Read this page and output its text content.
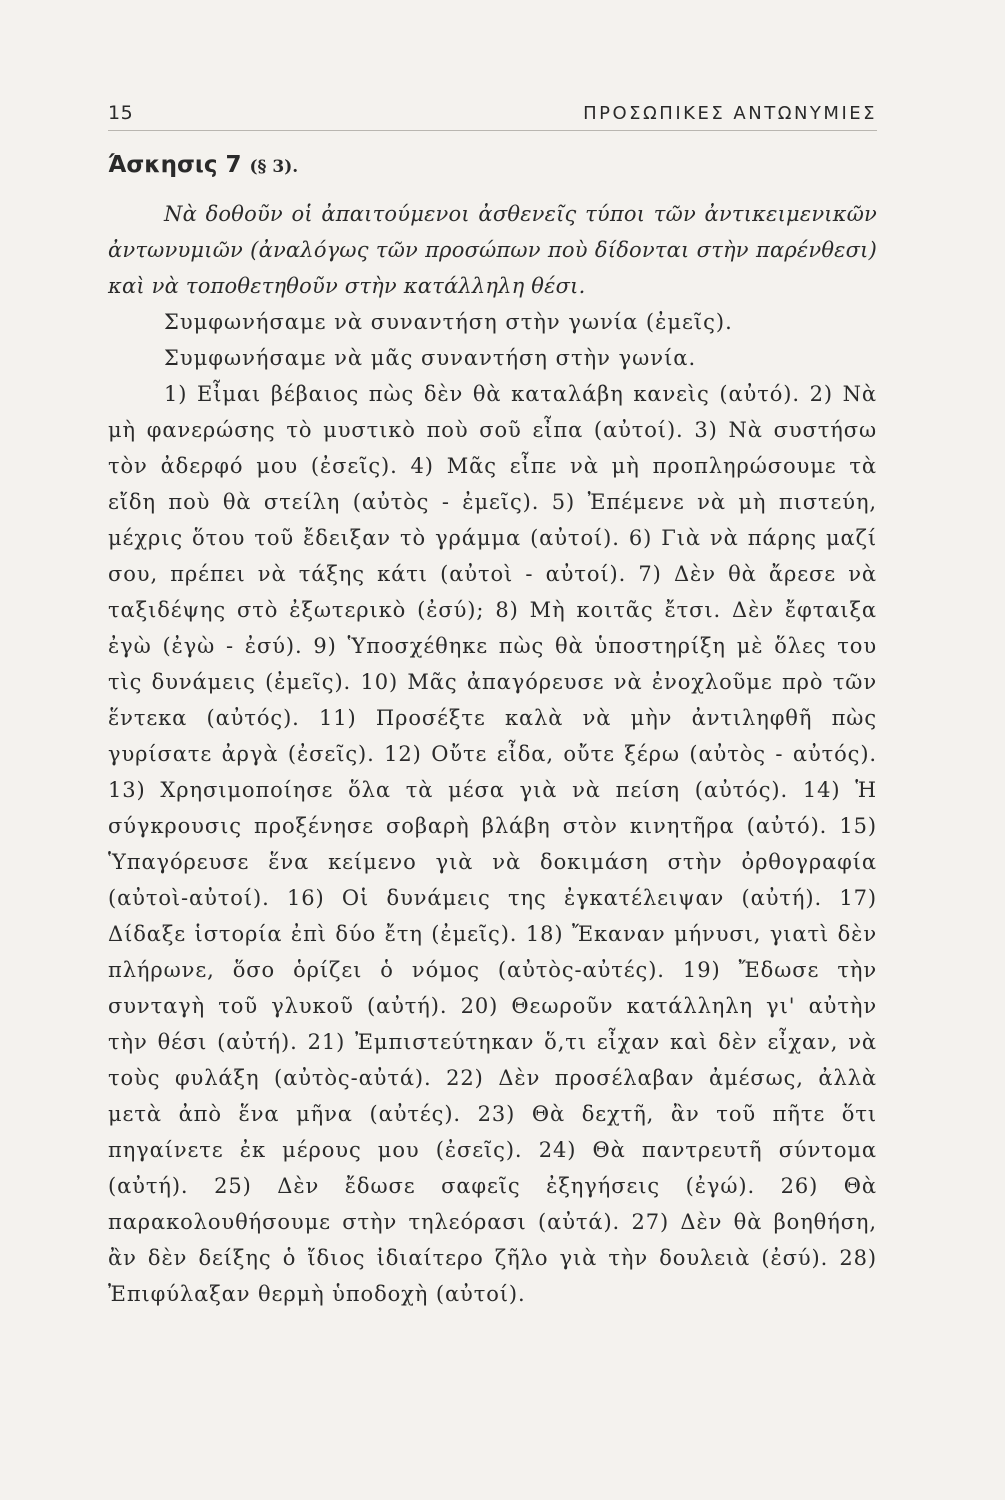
15	ΠΡΟΣΩΠΙΚΕΣ ΑΝΤΩΝΥΜΙΕΣ
Άσκησις 7 (§ 3).

Νὰ δοθοῦν οἱ ἀπαιτούμενοι ἀσθενεῖς τύποι τῶν ἀντικειμενικῶν ἀντωνυμιῶν (ἀναλόγως τῶν προσώπων ποὺ δίδονται στὴν παρένθεσι) καὶ νὰ τοποθετηθοῦν στὴν κατάλληλη θέσι.

Συμφωνήσαμε νὰ συναντήση στὴν γωνία (ἐμεῖς).

Συμφωνήσαμε νὰ μᾶς συναντήση στὴν γωνία.

1) Εἶμαι βέβαιος πὼς δὲν θὰ καταλάβη κανεὶς (αὐτό). 2) Νὰ μὴ φανερώσης τὸ μυστικὸ ποὺ σοῦ εἶπα (αὐτοί). 3) Νὰ συστήσω τὸν ἀδερφό μου (ἐσεῖς). 4) Μᾶς εἶπε νὰ μὴ προπληρώσουμε τὰ εἴδη ποὺ θὰ στείλη (αὐτὸς - ἐμεῖς). 5) Ἐπέμενε νὰ μὴ πιστεύη, μέχρις ὅτου τοῦ ἔδειξαν τὸ γράμμα (αὐτοί). 6) Γιὰ νὰ πάρης μαζί σου, πρέπει νὰ τάξης κάτι (αὐτοὶ - αὐτοί). 7) Δὲν θὰ ἄρεσε νὰ ταξιδέψης στὸ ἐξωτερικὸ (ἐσύ); 8) Μὴ κοιτᾶς ἔτσι. Δὲν ἔφταιξα ἐγὼ (ἐγὼ - ἐσύ). 9) Ὑποσχέθηκε πὼς θὰ ὑποστηρίξη μὲ ὅλες του τὶς δυνάμεις (ἐμεῖς). 10) Μᾶς ἀπαγόρευσε νὰ ἐνοχλοῦμε πρὸ τῶν ἕντεκα (αὐτός). 11) Προσέξτε καλὰ νὰ μὴν ἀντιληφθῆ πὼς γυρίσατε ἀργὰ (ἐσεῖς). 12) Οὔτε εἶδα, οὔτε ξέρω (αὐτὸς - αὐτός). 13) Χρησιμοποίησε ὅλα τὰ μέσα γιὰ νὰ πείση (αὐτός). 14) Ἡ σύγκρουσις προξένησε σοβαρὴ βλάβη στὸν κινητῆρα (αὐτό). 15) Ὑπαγόρευσε ἕνα κείμενο γιὰ νὰ δοκιμάση στὴν ὀρθογραφία (αὐτοὶ-αὐτοί). 16) Οἱ δυνάμεις της ἐγκατέλειψαν (αὐτή). 17) Δίδαξε ἱστορία ἐπὶ δύο ἔτη (ἐμεῖς). 18) Ἔκαναν μήνυσι, γιατὶ δὲν πλήρωνε, ὅσο ὁρίζει ὁ νόμος (αὐτὸς-αὐτές). 19) Ἔδωσε τὴν συνταγὴ τοῦ γλυκοῦ (αὐτή). 20) Θεωροῦν κατάλληλη γι' αὐτὴν τὴν θέσι (αὐτή). 21) Ἐμπιστεύτηκαν ὅ,τι εἶχαν καὶ δὲν εἶχαν, νὰ τοὺς φυλάξη (αὐτὸς-αὐτά). 22) Δὲν προσέλαβαν ἀμέσως, ἀλλὰ μετὰ ἀπὸ ἕνα μῆνα (αὐτές). 23) Θὰ δεχτῆ, ἂν τοῦ πῆτε ὅτι πηγαίνετε ἐκ μέρους μου (ἐσεῖς). 24) Θὰ παντρευτῆ σύντομα (αὐτή). 25) Δὲν ἔδωσε σαφεῖς ἐξηγήσεις (ἐγώ). 26) Θὰ παρακολουθήσουμε στὴν τηλεόρασι (αὐτά). 27) Δὲν θὰ βοηθήση, ἂν δὲν δείξης ὁ ἴδιος ἰδιαίτερο ζῆλο γιὰ τὴν δουλειὰ (ἐσύ). 28) Ἐπιφύλαξαν θερμὴ ὑποδοχὴ (αὐτοί).
